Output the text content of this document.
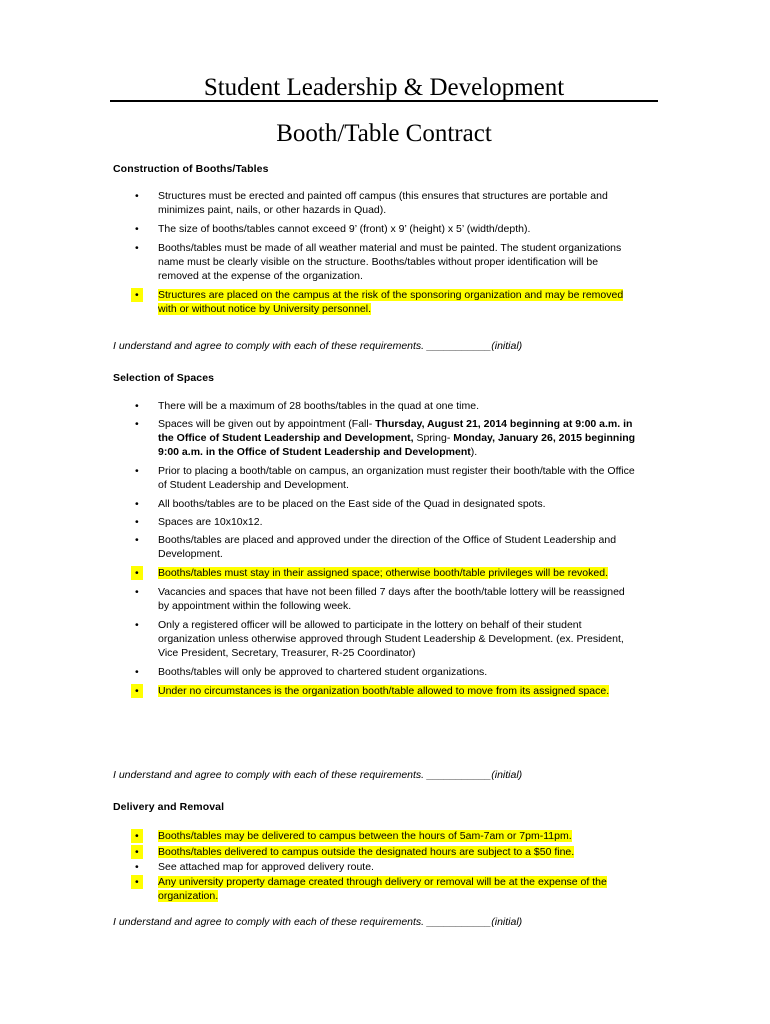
Student Leadership & Development
Booth/Table Contract
Construction of Booths/Tables
• Structures must be erected and painted off campus (this ensures that structures are portable and minimizes paint, nails, or other hazards in Quad).
• The size of booths/tables cannot exceed 9’ (front) x 9’ (height) x 5’ (width/depth).
• Booths/tables must be made of all weather material and must be painted. The student organizations name must be clearly visible on the structure. Booths/tables without proper identification will be removed at the expense of the organization.
•	Structures are placed on the campus at the risk of the sponsoring organization and may be removed with or without notice by University personnel.
I understand and agree to comply with each of these requirements. ___________(initial)
Selection of Spaces
• There will be a maximum of 28 booths/tables in the quad at one time.
• Spaces will be given out by appointment (Fall- Thursday, August 21, 2014 beginning at 9:00 a.m. in the Office of Student Leadership and Development, Spring- Monday, January 26, 2015 beginning 9:00 a.m. in the Office of Student Leadership and Development).
• Prior to placing a booth/table on campus, an organization must register their booth/table with the Office of Student Leadership and Development.
• All booths/tables are to be placed on the East side of the Quad in designated spots.
• Spaces are 10x10x12.
• Booths/tables are placed and approved under the direction of the Office of Student Leadership and Development.
•	Booths/tables must stay in their assigned space; otherwise booth/table privileges will be revoked.
• Vacancies and spaces that have not been filled 7 days after the booth/table lottery will be reassigned by appointment within the following week.
• Only a registered officer will be allowed to participate in the lottery on behalf of their student organization unless otherwise approved through Student Leadership & Development. (ex. President, Vice President, Secretary, Treasurer, R-25 Coordinator)
• Booths/tables will only be approved to chartered student organizations.
•	Under no circumstances is the organization booth/table allowed to move from its assigned space.
I understand and agree to comply with each of these requirements. ___________(initial)
Delivery and Removal
•	Booths/tables may be delivered to campus between the hours of 5am-7am or 7pm-11pm.
•	Booths/tables delivered to campus outside the designated hours are subject to a $50 fine.
• See attached map for approved delivery route.
•	Any university property damage created through delivery or removal will be at the expense of the organization.
I understand and agree to comply with each of these requirements. ___________(initial)
